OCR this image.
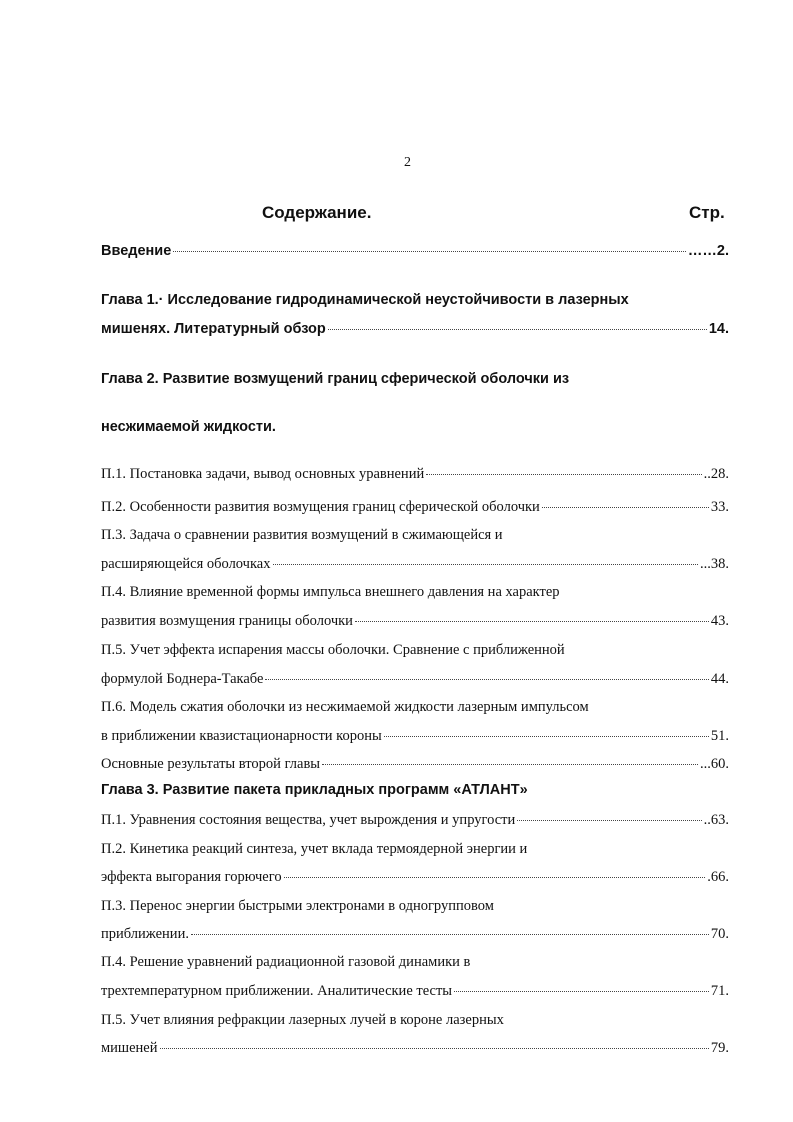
2
Содержание.	Стр.
Введение	……2.
Глава 1.· Исследование гидродинамической неустойчивости в лазерных
мишенях. Литературный обзор	14.
Глава 2. Развитие возмущений границ сферической оболочки из
несжимаемой жидкости.
П.1. Постановка задачи, вывод основных уравнений	..28.
П.2. Особенности развития возмущения границ сферической оболочки	33.
П.3. Задача о сравнении развития возмущений в сжимающейся и
расширяющейся оболочках	...38.
П.4. Влияние временной формы импульса внешнего давления на характер
развития возмущения границы оболочки	43.
П.5. Учет эффекта испарения массы оболочки. Сравнение с приближенной
формулой Боднера-Такабе	44.
П.6. Модель сжатия оболочки из несжимаемой жидкости лазерным импульсом
в приближении квазистационарности короны	51.
Основные результаты второй главы	...60.
Глава 3. Развитие пакета прикладных программ «АТЛАНТ»
П.1. Уравнения состояния вещества, учет вырождения и упругости	..63.
П.2. Кинетика реакций синтеза, учет вклада термоядерной энергии и
эффекта выгорания горючего	.66.
П.3. Перенос энергии быстрыми электронами в одногрупповом
приближении.	70.
П.4. Решение уравнений радиационной газовой динамики в
трехтемпературном приближении. Аналитические тесты	71.
П.5. Учет влияния рефракции лазерных лучей в короне лазерных
мишеней	79.
